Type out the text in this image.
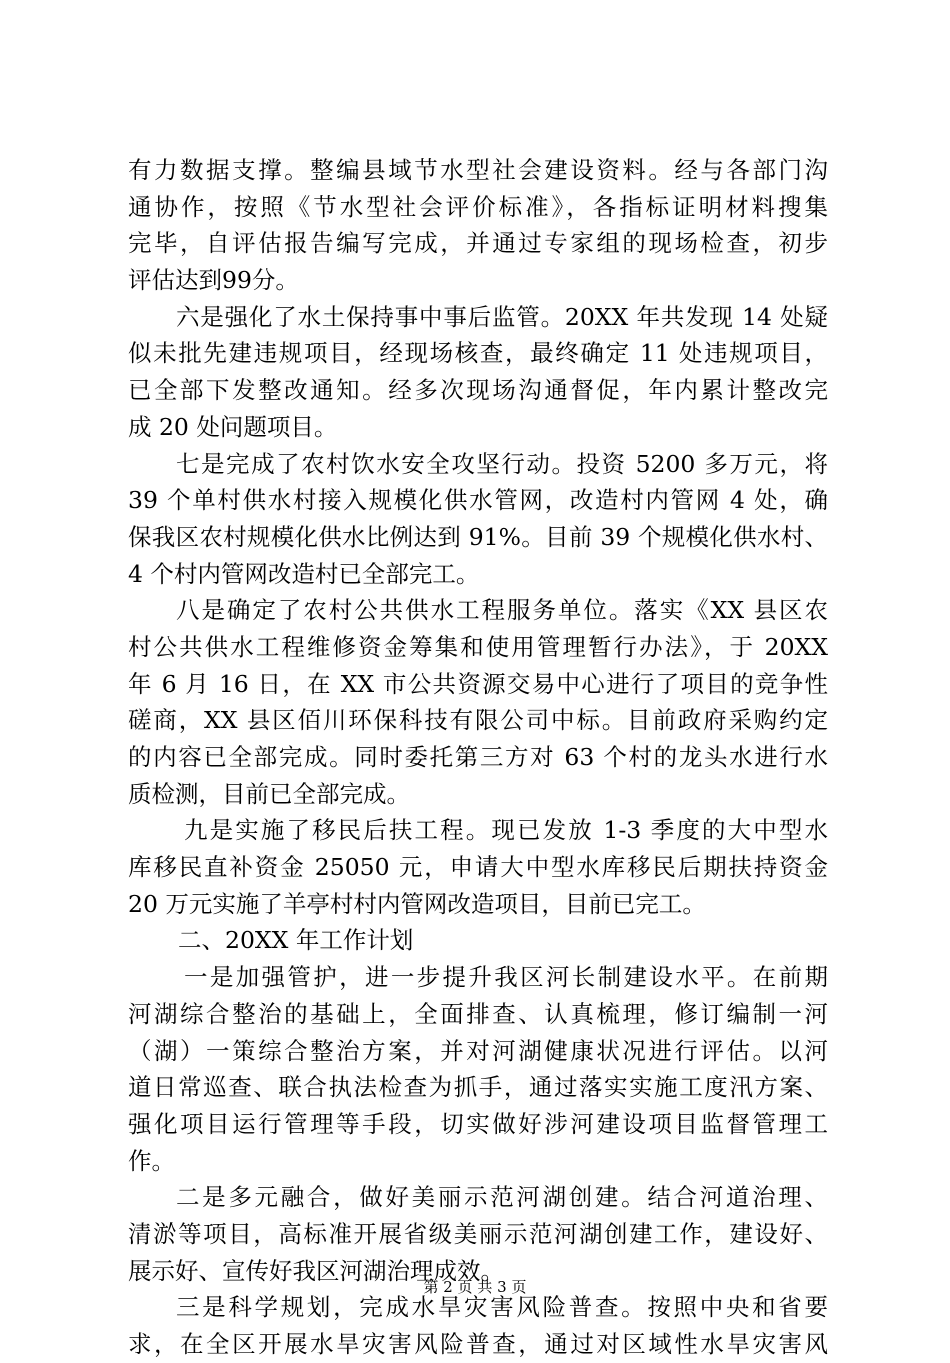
有力数据支撑。整编县域节水型社会建设资料。经与各部门沟
通协作，按照《节水型社会评价标准》，各指标证明材料搜集
完毕，自评估报告编写完成，并通过专家组的现场检查，初步
评估达到99分。
六是强化了水土保持事中事后监管。20XX 年共发现 14 处疑
似未批先建违规项目，经现场核查，最终确定 11 处违规项目，
已全部下发整改通知。经多次现场沟通督促，年内累计整改完
成 20 处问题项目。
七是完成了农村饮水安全攻坚行动。投资 5200 多万元，将
39 个单村供水村接入规模化供水管网，改造村内管网 4 处，确
保我区农村规模化供水比例达到 91%。目前 39 个规模化供水村、
4 个村内管网改造村已全部完工。
八是确定了农村公共供水工程服务单位。落实《XX 县区农
村公共供水工程维修资金筹集和使用管理暂行办法》，于 20XX
年 6 月 16 日，在 XX 市公共资源交易中心进行了项目的竞争性
磋商，XX 县区佰川环保科技有限公司中标。目前政府采购约定
的内容已全部完成。同时委托第三方对 63 个村的龙头水进行水
质检测，目前已全部完成。
九是实施了移民后扶工程。现已发放 1-3 季度的大中型水
库移民直补资金 25050 元，申请大中型水库移民后期扶持资金
20 万元实施了羊亭村村内管网改造项目，目前已完工。
二、20XX 年工作计划
一是加强管护，进一步提升我区河长制建设水平。在前期
河湖综合整治的基础上，全面排查、认真梳理，修订编制一河
（湖）一策综合整治方案，并对河湖健康状况进行评估。以河
道日常巡查、联合执法检查为抓手，通过落实实施工度汛方案、
强化项目运行管理等手段，切实做好涉河建设项目监督管理工
作。
二是多元融合，做好美丽示范河湖创建。结合河道治理、
清淤等项目，高标准开展省级美丽示范河湖创建工作，建设好、
展示好、宣传好我区河湖治理成效。
三是科学规划，完成水旱灾害风险普查。按照中央和省要
求，在全区开展水旱灾害风险普查，通过对区域性水旱灾害风
第 2 页 共 3 页
